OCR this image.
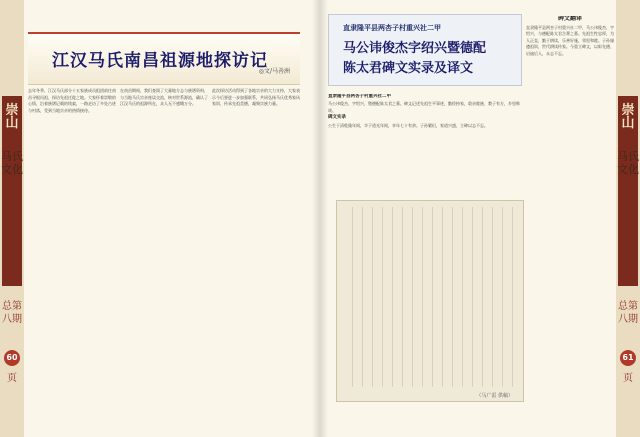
崇山
马氏文化
总第八期
60
页
江汉马氏南昌祖源地探访记
◎文/马善洲
去年冬季，江汉马氏部分十五家族成员组团前往南昌寻根问祖，探访先祖迁徙之地。大家怀着崇敬的心情，沿着族谱记载的线索，一路走访了多处古迹与村落，受到当地宗亲的热情接待。
在南昌期间，我们查阅了大量地方志与族谱资料，与当地马氏宗亲座谈交流，核对世系源流，确认了江汉马氏的祖源所在，众人无不感慨万分。
此次探访活动得到了各地宗亲的大力支持，大家表示今后要进一步加强联系，共同弘扬马氏优秀家风家训，传承先祖美德，凝聚宗族力量。
直隶隆平县两杏子村重兴社二甲
马公讳俊杰字绍兴暨德配
陈太君碑文实录及译文

直隶隆平县两杏子村重兴社二甲

马公讳俊杰，字绍兴，暨德配陈太君之墓。碑文记述先祖生平事迹，勤俭持家，敦亲睦族，教子有方，乡里称颂。

碑文实录

公生于清乾隆年间，卒于道光年间，享年七十有余。子孙繁衍，家道兴盛，立碑以志不忘。

（马广雷 供稿）
碑文翻译
直隶隆平县两杏子村重兴社二甲，马公讳俊杰，字绍兴，与德配陈太君合葬之墓。先祖生性忠厚，为人正直，勤于耕读，乐善好施，邻里和睦。子孙谨遵祖训，世代耕读传家。今重立碑文，以彰先德，启迪后人，永志不忘。
崇山
马氏文化
总第八期
61
页
